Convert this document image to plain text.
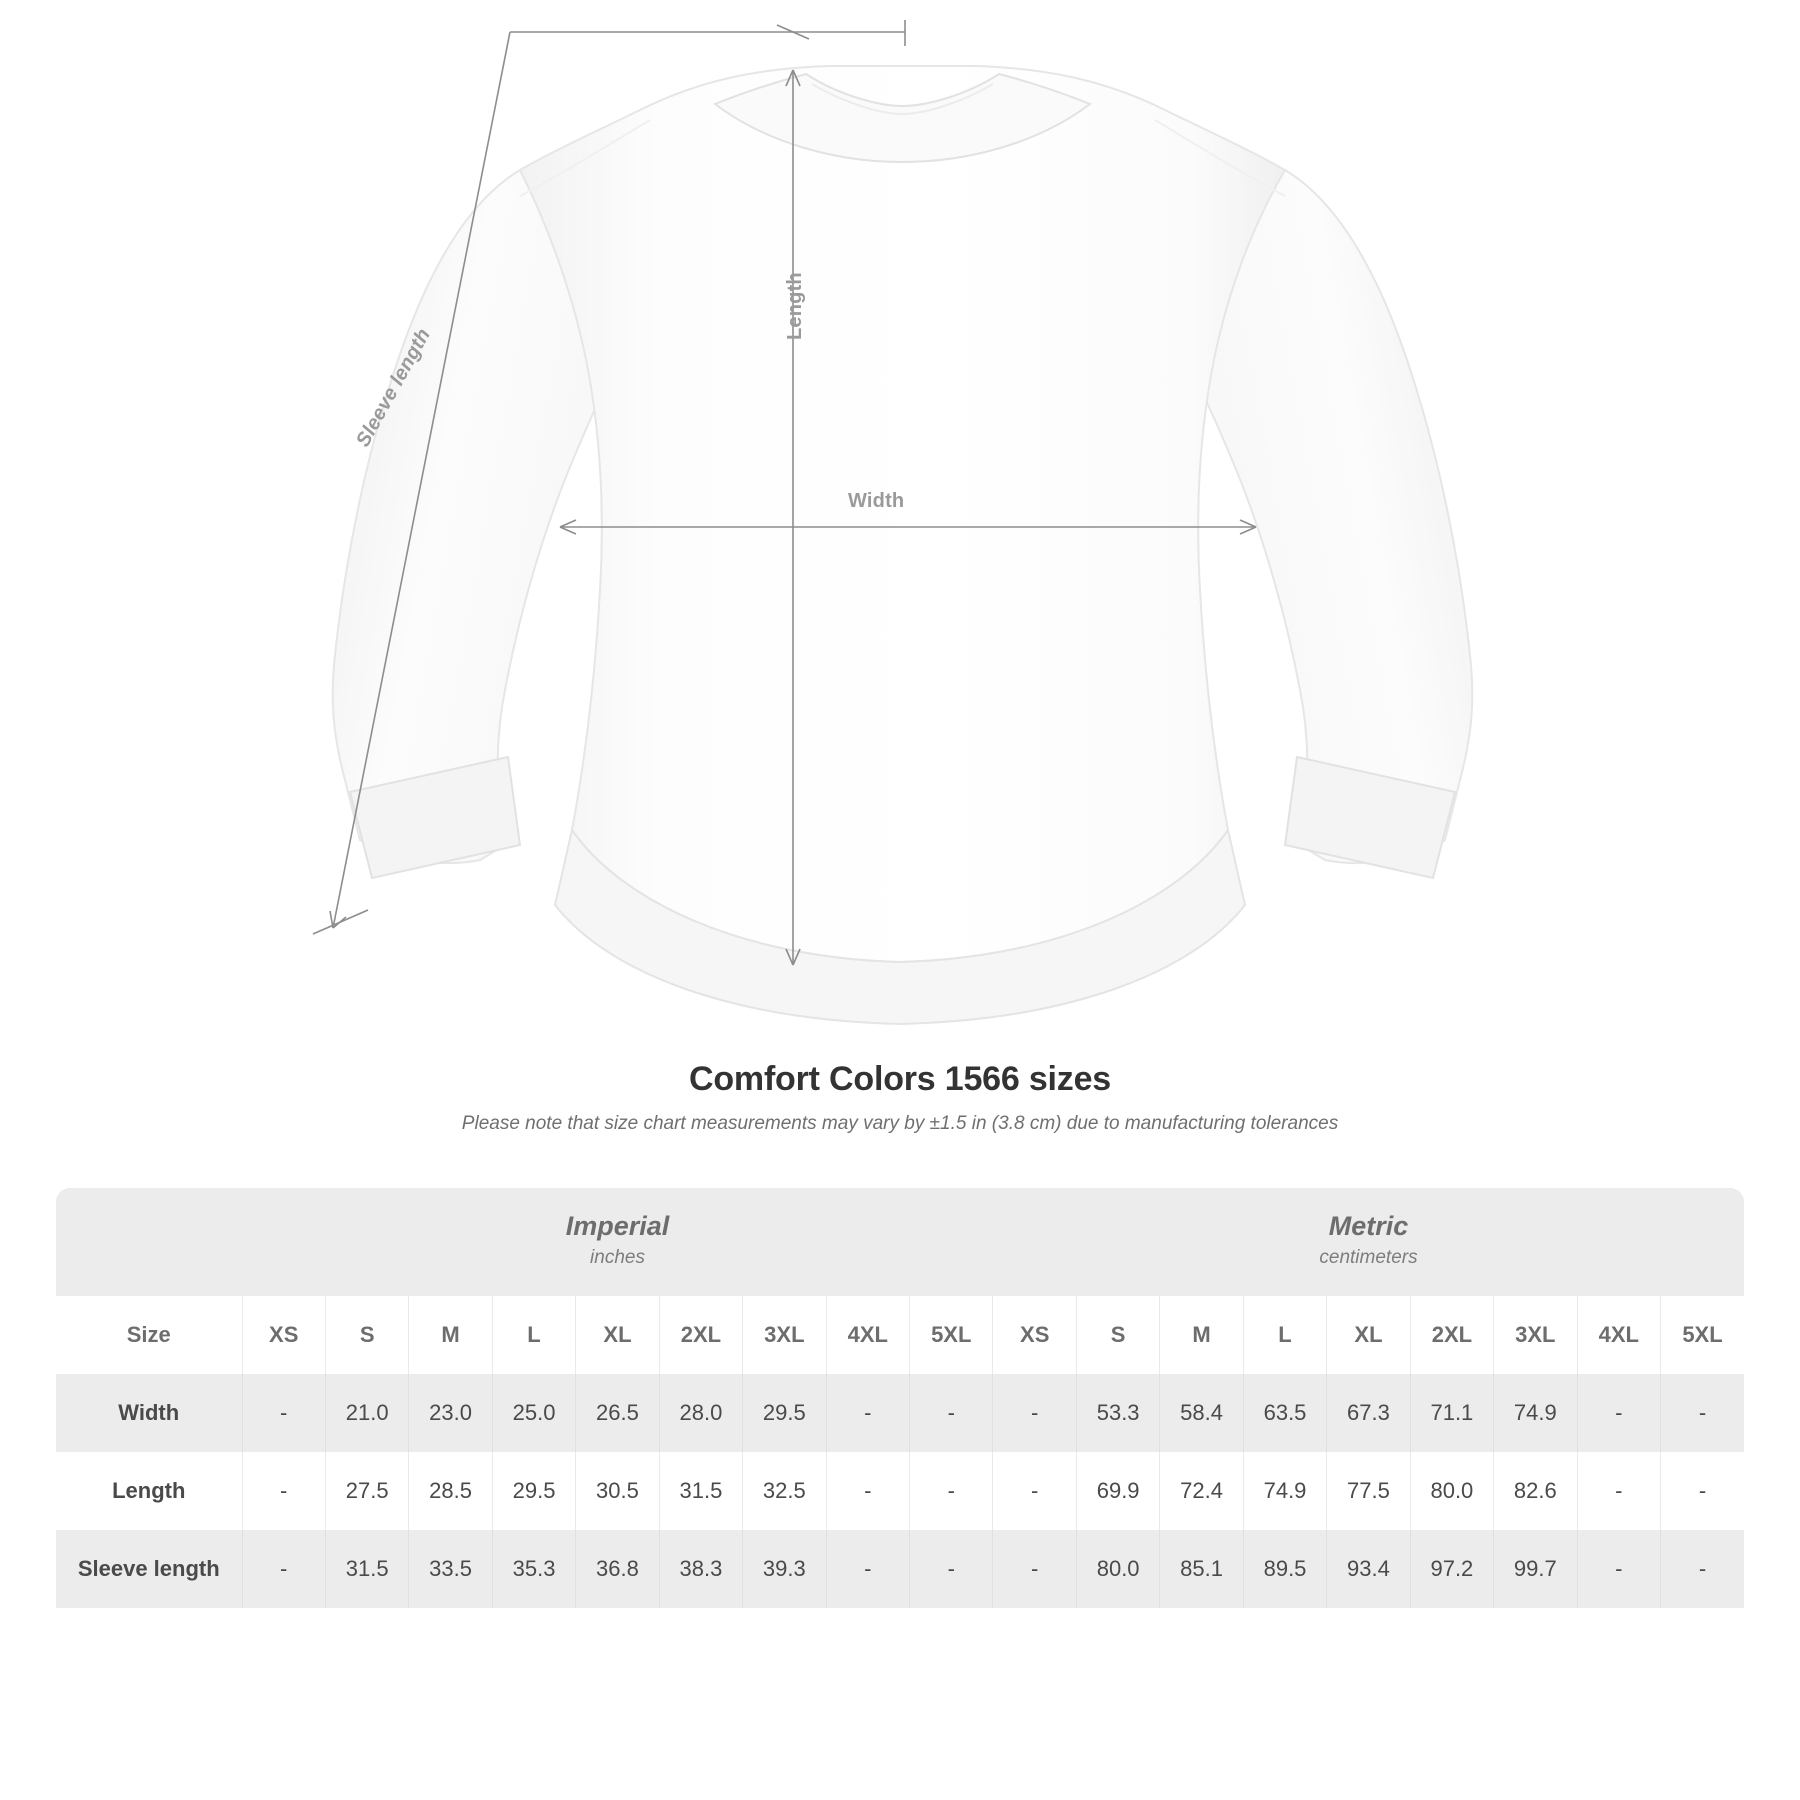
Width
Length
Sleeve length
Comfort Colors 1566 sizes

Please note that size chart measurements may vary by ±1.5 in (3.8 cm) due to manufacturing tolerances

Imperial
inches

Metric
centimeters

Size	XS	S	M	L	XL	2XL	3XL	4XL	5XL	XS	S	M	L	XL	2XL	3XL	4XL	5XL
Width	-	21.0	23.0	25.0	26.5	28.0	29.5	-	-	-	53.3	58.4	63.5	67.3	71.1	74.9	-	-
Length	-	27.5	28.5	29.5	30.5	31.5	32.5	-	-	-	69.9	72.4	74.9	77.5	80.0	82.6	-	-
Sleeve length	-	31.5	33.5	35.3	36.8	38.3	39.3	-	-	-	80.0	85.1	89.5	93.4	97.2	99.7	-	-
